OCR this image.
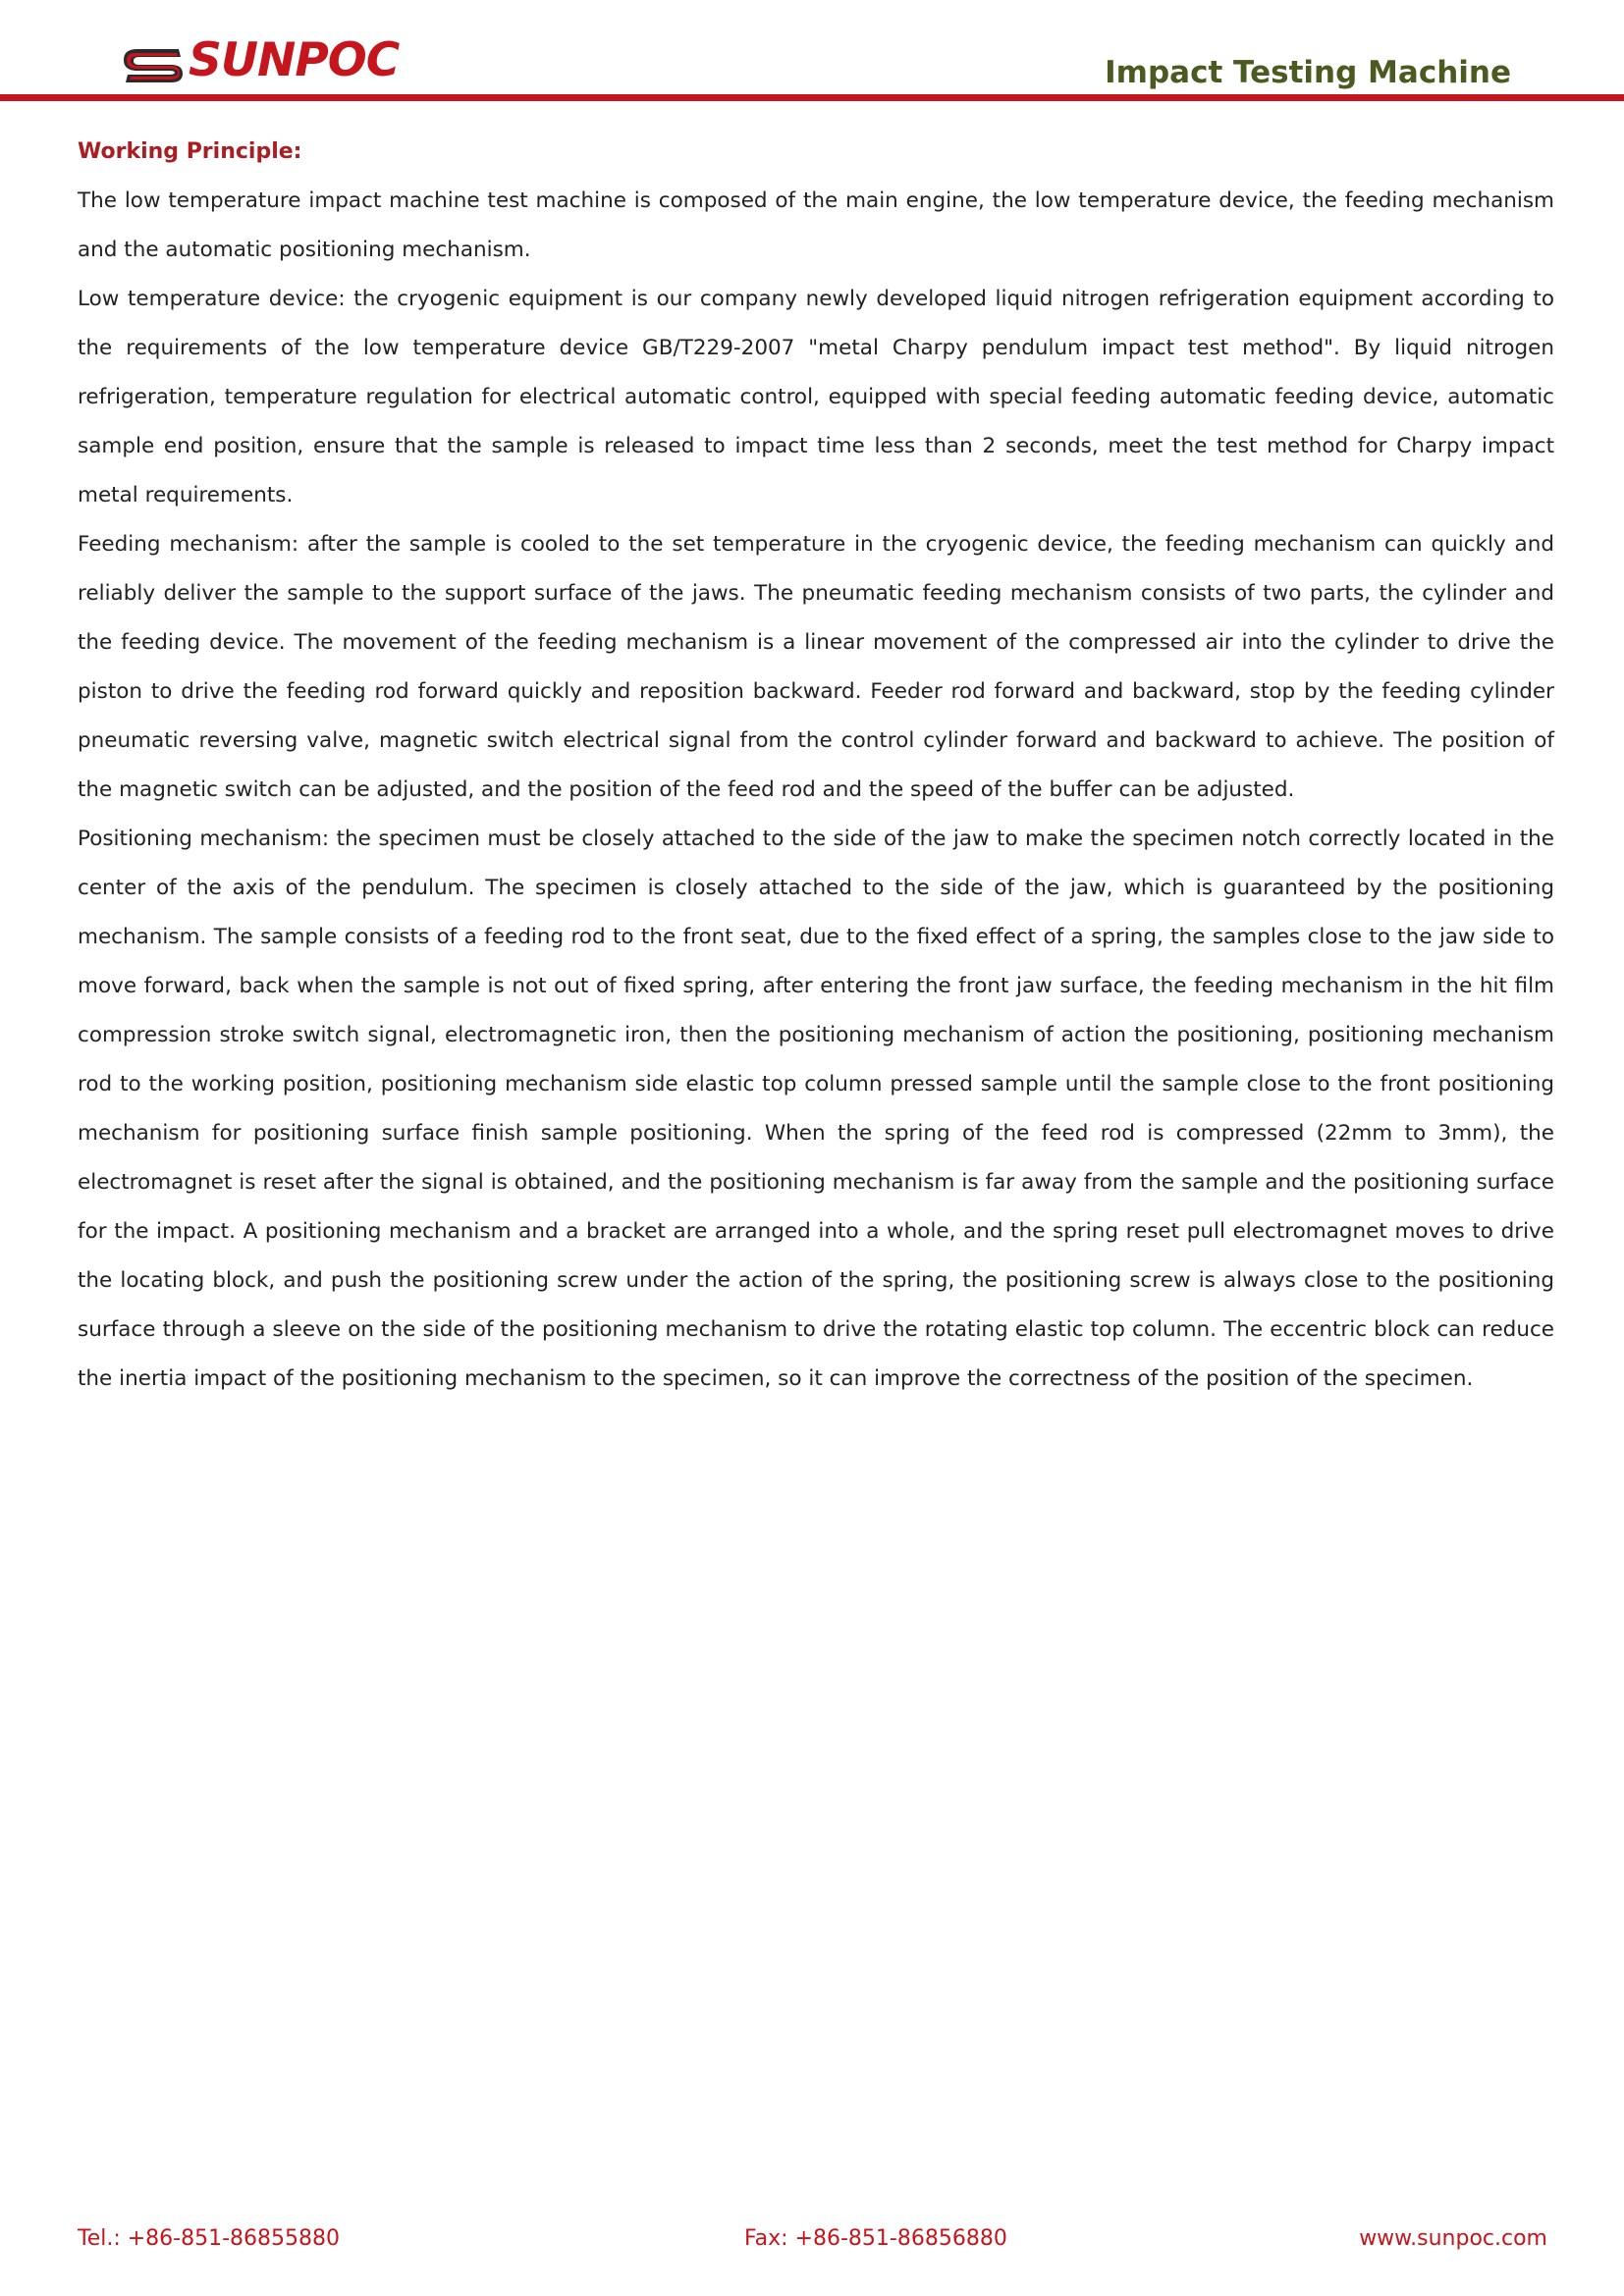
SUNPOC	Impact Testing Machine

Working Principle:

The low temperature impact machine test machine is composed of the main engine, the low temperature device, the feeding mechanism and the automatic positioning mechanism.

Low temperature device: the cryogenic equipment is our company newly developed liquid nitrogen refrigeration equipment according to the requirements of the low temperature device GB/T229-2007 "metal Charpy pendulum impact test method". By liquid nitrogen refrigeration, temperature regulation for electrical automatic control, equipped with special feeding automatic feeding device, automatic sample end position, ensure that the sample is released to impact time less than 2 seconds, meet the test method for Charpy impact metal requirements.

Feeding mechanism: after the sample is cooled to the set temperature in the cryogenic device, the feeding mechanism can quickly and reliably deliver the sample to the support surface of the jaws. The pneumatic feeding mechanism consists of two parts, the cylinder and the feeding device. The movement of the feeding mechanism is a linear movement of the compressed air into the cylinder to drive the piston to drive the feeding rod forward quickly and reposition backward. Feeder rod forward and backward, stop by the feeding cylinder pneumatic reversing valve, magnetic switch electrical signal from the control cylinder forward and backward to achieve. The position of the magnetic switch can be adjusted, and the position of the feed rod and the speed of the buffer can be adjusted.

Positioning mechanism: the specimen must be closely attached to the side of the jaw to make the specimen notch correctly located in the center of the axis of the pendulum. The specimen is closely attached to the side of the jaw, which is guaranteed by the positioning mechanism. The sample consists of a feeding rod to the front seat, due to the fixed effect of a spring, the samples close to the jaw side to move forward, back when the sample is not out of fixed spring, after entering the front jaw surface, the feeding mechanism in the hit film compression stroke switch signal, electromagnetic iron, then the positioning mechanism of action the positioning, positioning mechanism rod to the working position, positioning mechanism side elastic top column pressed sample until the sample close to the front positioning mechanism for positioning surface finish sample positioning. When the spring of the feed rod is compressed (22mm to 3mm), the electromagnet is reset after the signal is obtained, and the positioning mechanism is far away from the sample and the positioning surface for the impact. A positioning mechanism and a bracket are arranged into a whole, and the spring reset pull electromagnet moves to drive the locating block, and push the positioning screw under the action of the spring, the positioning screw is always close to the positioning surface through a sleeve on the side of the positioning mechanism to drive the rotating elastic top column. The eccentric block can reduce the inertia impact of the positioning mechanism to the specimen, so it can improve the correctness of the position of the specimen.

Tel.: +86-851-86855880	Fax: +86-851-86856880	www.sunpoc.com
